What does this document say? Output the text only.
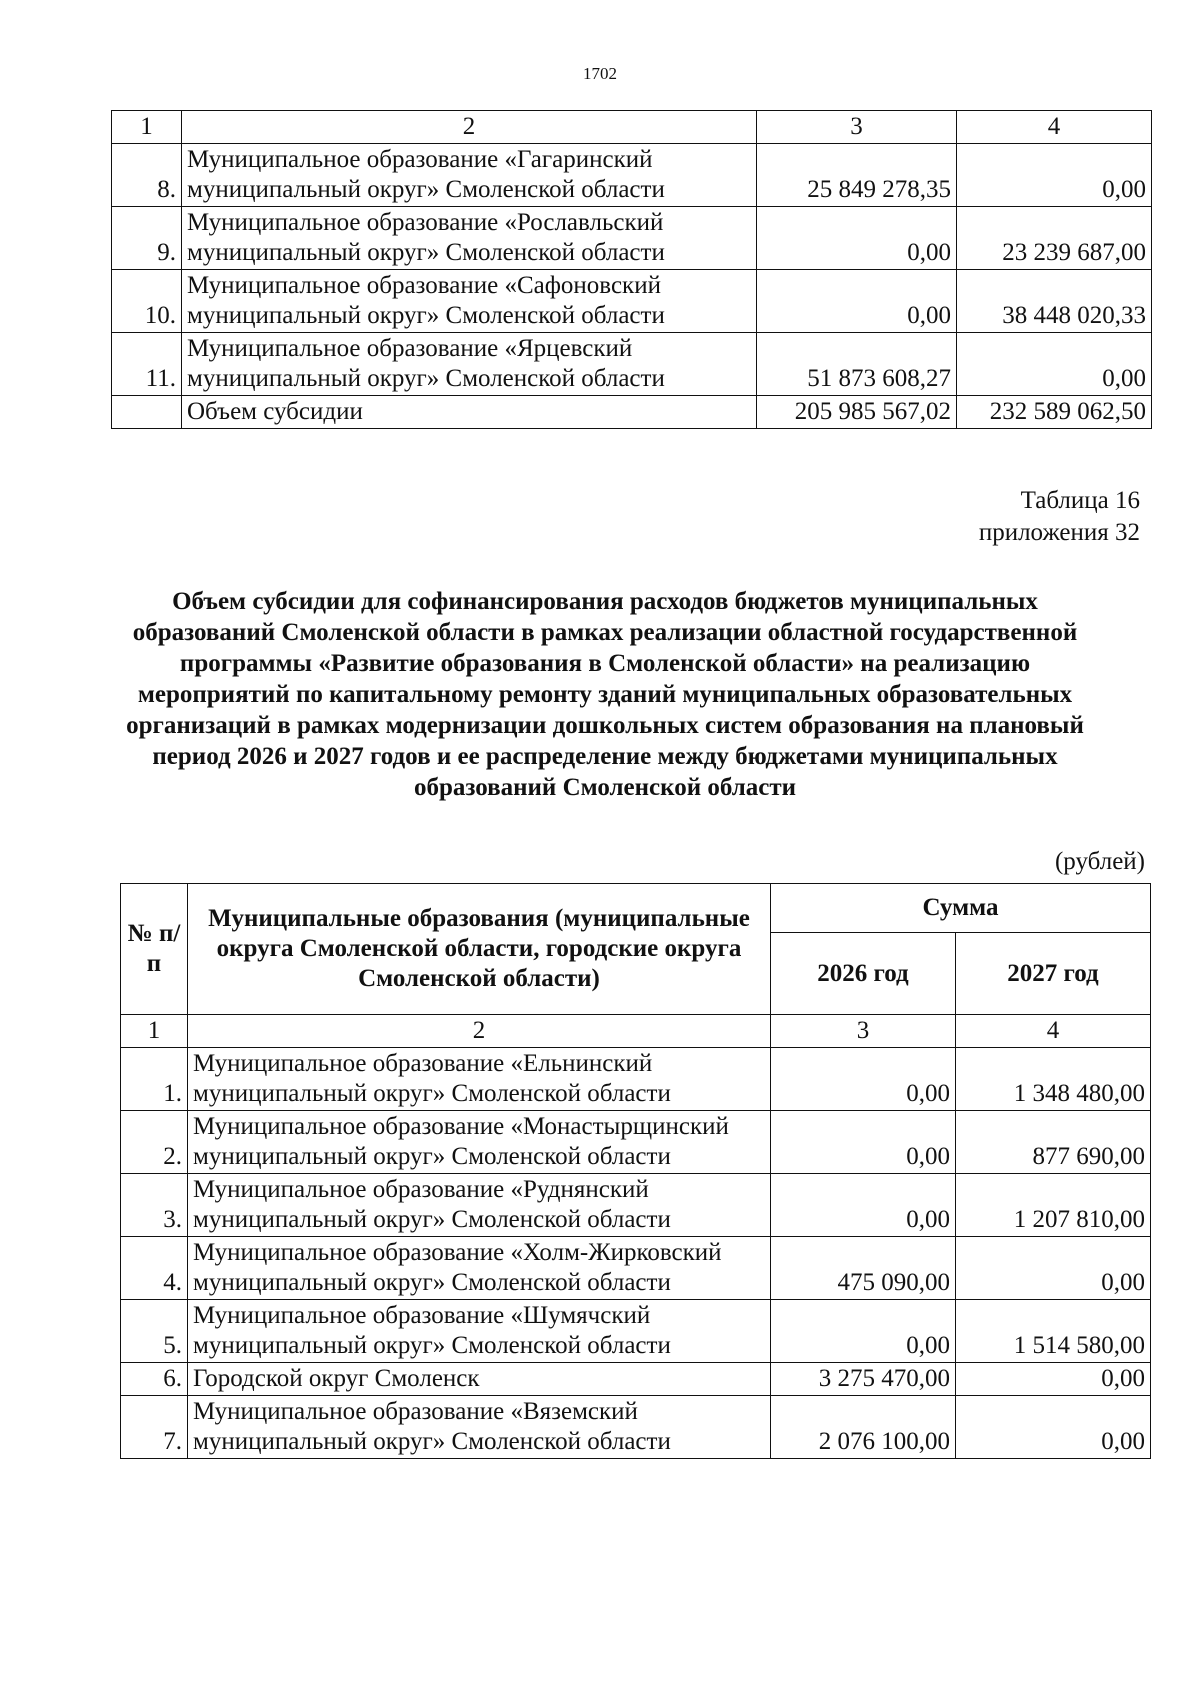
1702
1	2	3	4
8.	Муниципальное образование «Гагаринский муниципальный округ» Смоленской области	25 849 278,35	0,00
9.	Муниципальное образование «Рославльский муниципальный округ» Смоленской области	0,00	23 239 687,00
10.	Муниципальное образование «Сафоновский муниципальный округ» Смоленской области	0,00	38 448 020,33
11.	Муниципальное образование «Ярцевский муниципальный округ» Смоленской области	51 873 608,27	0,00
	Объем субсидии	205 985 567,02	232 589 062,50
Таблица 16
приложения 32
Объем субсидии для софинансирования расходов бюджетов муниципальных образований Смоленской области в рамках реализации областной государственной программы «Развитие образования в Смоленской области» на реализацию мероприятий по капитальному ремонту зданий муниципальных образовательных организаций в рамках модернизации дошкольных систем образования на плановый период 2026 и 2027 годов и ее распределение между бюджетами муниципальных образований Смоленской области
(рублей)
№ п/п	Муниципальные образования (муниципальные округа Смоленской области, городские округа Смоленской области)	Сумма	
		2026 год	2027 год
1	2	3	4
1.	Муниципальное образование «Ельнинский муниципальный округ» Смоленской области	0,00	1 348 480,00
2.	Муниципальное образование «Монастырщинский муниципальный округ» Смоленской области	0,00	877 690,00
3.	Муниципальное образование «Руднянский муниципальный округ» Смоленской области	0,00	1 207 810,00
4.	Муниципальное образование «Холм-Жирковский муниципальный округ» Смоленской области	475 090,00	0,00
5.	Муниципальное образование «Шумячский муниципальный округ» Смоленской области	0,00	1 514 580,00
6.	Городской округ Смоленск	3 275 470,00	0,00
7.	Муниципальное образование «Вяземский муниципальный округ» Смоленской области	2 076 100,00	0,00
